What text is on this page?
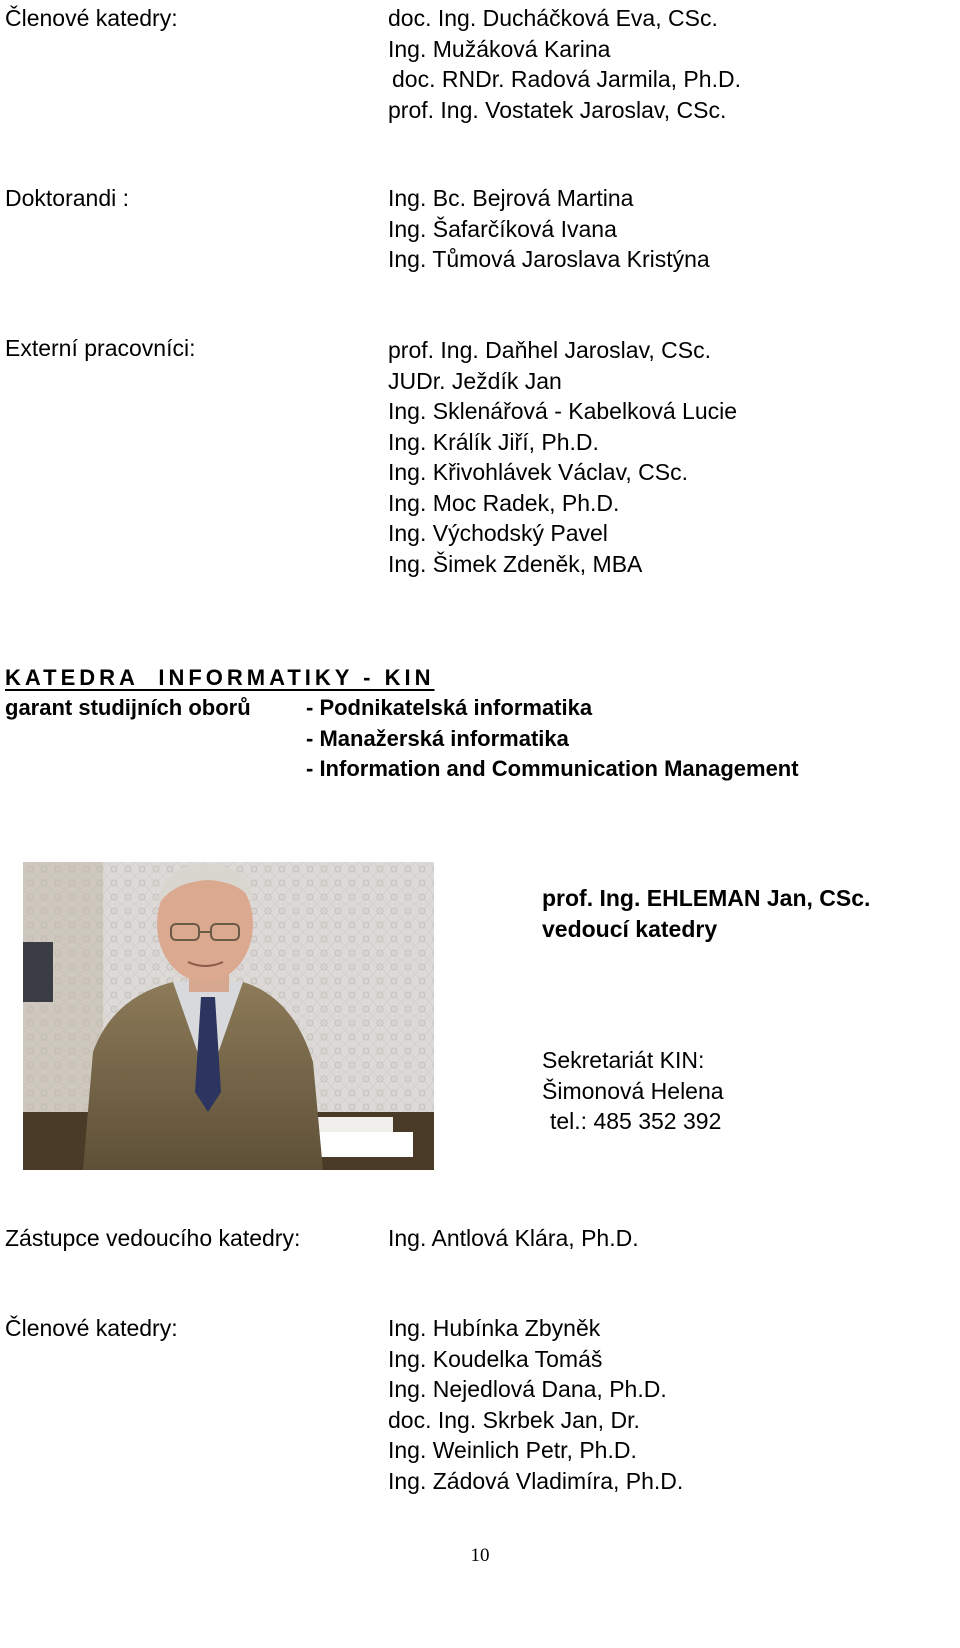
Členové katedry:	doc. Ing. Ducháčková Eva, CSc.
Ing. Mužáková Karina
doc. RNDr. Radová Jarmila, Ph.D.
prof. Ing. Vostatek Jaroslav, CSc.
Doktorandi :	Ing. Bc. Bejrová Martina
Ing. Šafarčíková Ivana
Ing. Tůmová Jaroslava Kristýna
Externí pracovníci:	prof. Ing. Daňhel Jaroslav, CSc.
JUDr. Ježdík Jan
Ing. Sklenářová - Kabelková Lucie
Ing. Králík Jiří, Ph.D.
Ing. Křivohlávek Václav, CSc.
Ing. Moc Radek, Ph.D.
Ing. Východský Pavel
Ing. Šimek Zdeněk, MBA
KATEDRA  INFORMATIKY - KIN
garant studijních oborů	- Podnikatelská informatika
- Manažerská informatika
- Information and Communication Management
prof. Ing. EHLEMAN Jan, CSc.
vedoucí katedry
Sekretariát KIN:
Šimonová Helena
tel.: 485 352 392
Zástupce vedoucího katedry:	Ing. Antlová Klára, Ph.D.
Členové katedry:	Ing. Hubínka Zbyněk
Ing. Koudelka Tomáš
Ing. Nejedlová Dana, Ph.D.
doc. Ing. Skrbek Jan, Dr.
Ing. Weinlich Petr, Ph.D.
Ing. Zádová Vladimíra, Ph.D.
10
